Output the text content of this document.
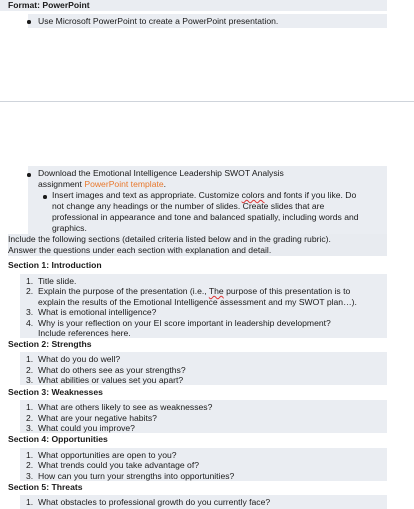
Format: PowerPoint
Use Microsoft PowerPoint to create a PowerPoint presentation.
Download the Emotional Intelligence Leadership SWOT Analysis
assignment PowerPoint template.
Insert images and text as appropriate. Customize colors and fonts if you like. Do
not change any headings or the number of slides. Create slides that are
professional in appearance and tone and balanced spatially, including words and
graphics.
Include the following sections (detailed criteria listed below and in the grading rubric).
Answer the questions under each section with explanation and detail.
Section 1: Introduction
1. Title slide.
2. Explain the purpose of the presentation (i.e., The purpose of this presentation is to
explain the results of the Emotional Intelligence assessment and my SWOT plan…).
3. What is emotional intelligence?
4. Why is your reflection on your EI score important in leadership development?
Include references here.
Section 2: Strengths
1. What do you do well?
2. What do others see as your strengths?
3. What abilities or values set you apart?
Section 3: Weaknesses
1. What are others likely to see as weaknesses?
2. What are your negative habits?
3. What could you improve?
Section 4: Opportunities
1. What opportunities are open to you?
2. What trends could you take advantage of?
3. How can you turn your strengths into opportunities?
Section 5: Threats
1. What obstacles to professional growth do you currently face?
